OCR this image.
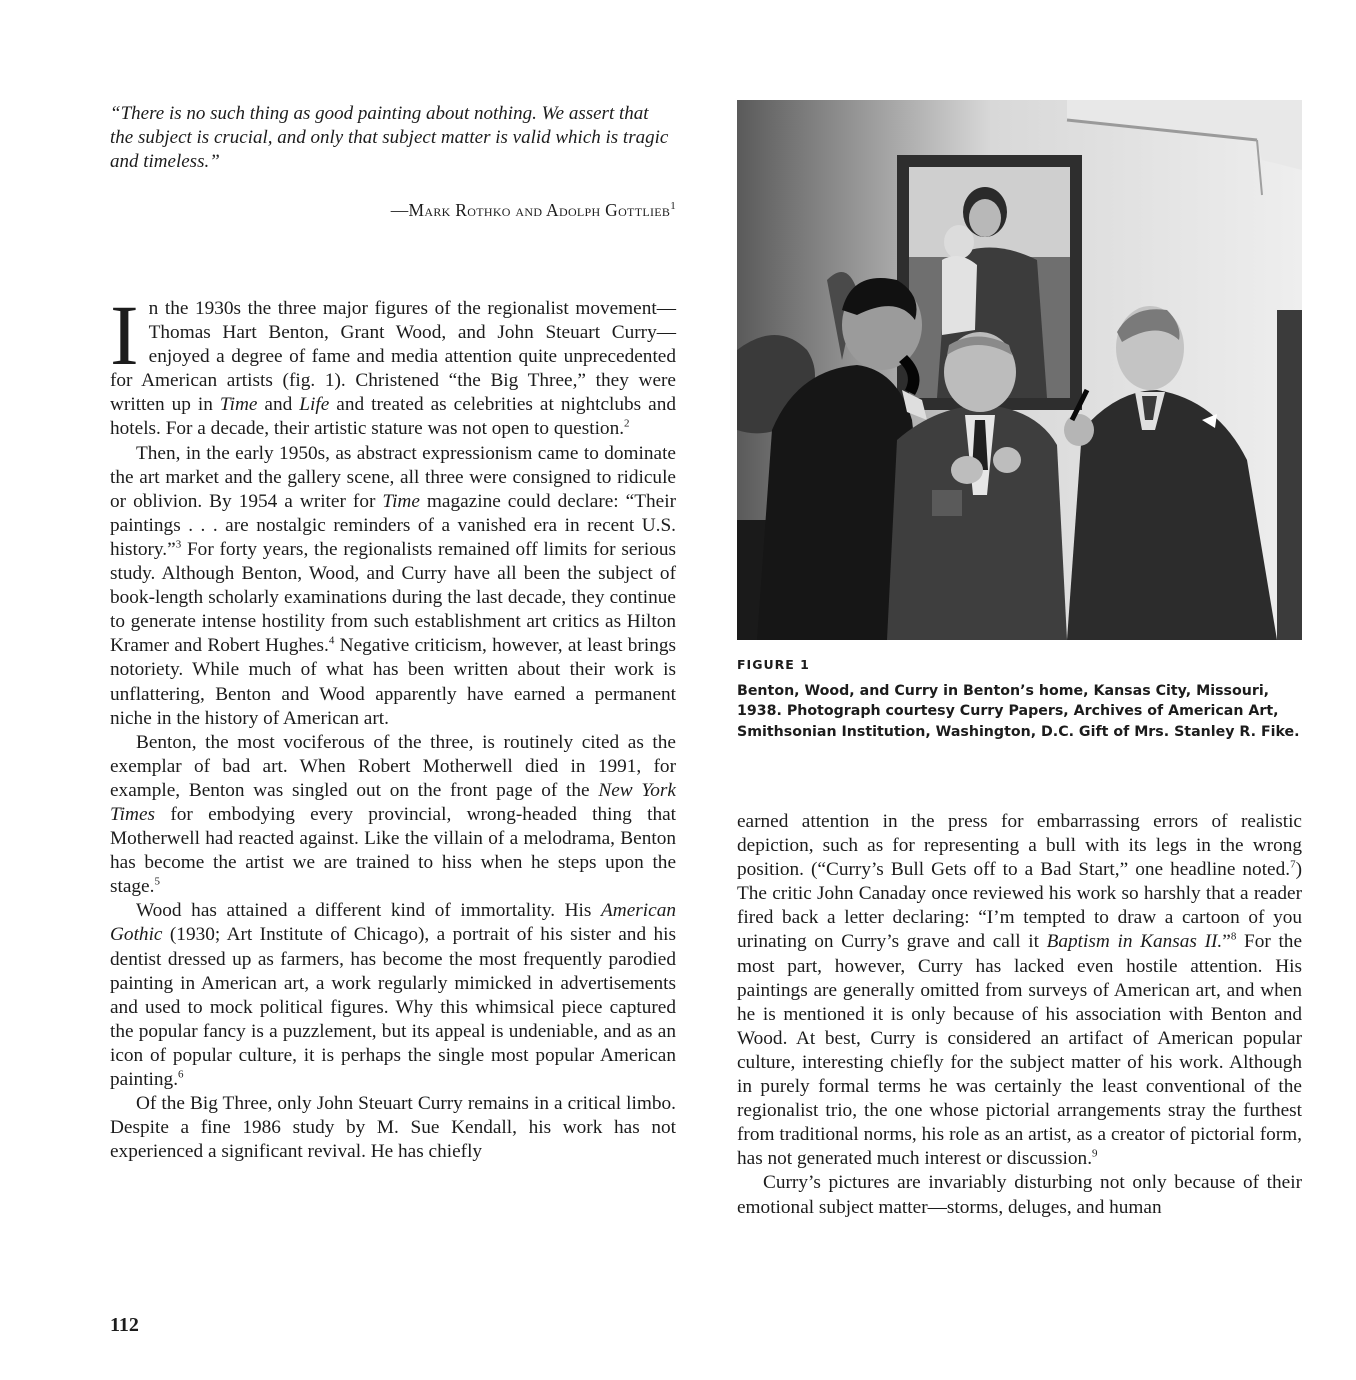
“There is no such thing as good painting about nothing. We assert that the subject is crucial, and only that subject matter is valid which is tragic and timeless.”
—Mark Rothko and Adolph Gottlieb$^1$

In the 1930s the three major figures of the regionalist movement—Thomas Hart Benton, Grant Wood, and John Steuart Curry—enjoyed a degree of fame and media attention quite unprecedented for American artists (fig. 1). Christened “the Big Three,” they were written up in Time and Life and treated as celebrities at nightclubs and hotels. For a decade, their artistic stature was not open to question.$^2$

Then, in the early 1950s, as abstract expressionism came to dominate the art market and the gallery scene, all three were consigned to ridicule or oblivion. By 1954 a writer for Time magazine could declare: “Their paintings . . . are nostalgic reminders of a vanished era in recent U.S. history.”$^3$ For forty years, the regionalists remained off limits for serious study. Although Benton, Wood, and Curry have all been the subject of book-length scholarly examinations during the last decade, they continue to generate intense hostility from such establishment art critics as Hilton Kramer and Robert Hughes.$^4$ Negative criticism, however, at least brings notoriety. While much of what has been written about their work is unflattering, Benton and Wood apparently have earned a permanent niche in the history of American art.

Benton, the most vociferous of the three, is routinely cited as the exemplar of bad art. When Robert Motherwell died in 1991, for example, Benton was singled out on the front page of the New York Times for embodying every provincial, wrong-headed thing that Motherwell had reacted against. Like the villain of a melodrama, Benton has become the artist we are trained to hiss when he steps upon the stage.$^5$

Wood has attained a different kind of immortality. His American Gothic (1930; Art Institute of Chicago), a portrait of his sister and his dentist dressed up as farmers, has become the most frequently parodied painting in American art, a work regularly mimicked in advertisements and used to mock political figures. Why this whimsical piece captured the popular fancy is a puzzlement, but its appeal is undeniable, and as an icon of popular culture, it is perhaps the single most popular American painting.$^6$

Of the Big Three, only John Steuart Curry remains in a critical limbo. Despite a fine 1986 study by M. Sue Kendall, his work has not experienced a significant revival. He has chiefly

FIGURE 1
Benton, Wood, and Curry in Benton’s home, Kansas City, Missouri, 1938. Photograph courtesy Curry Papers, Archives of American Art, Smithsonian Institution, Washington, D.C. Gift of Mrs. Stanley R. Fike.

earned attention in the press for embarrassing errors of realistic depiction, such as for representing a bull with its legs in the wrong position. (“Curry’s Bull Gets off to a Bad Start,” one headline noted.$^7$) The critic John Canaday once reviewed his work so harshly that a reader fired back a letter declaring: “I’m tempted to draw a cartoon of you urinating on Curry’s grave and call it Baptism in Kansas II.”$^8$ For the most part, however, Curry has lacked even hostile attention. His paintings are generally omitted from surveys of American art, and when he is mentioned it is only because of his association with Benton and Wood. At best, Curry is considered an artifact of American popular culture, interesting chiefly for the subject matter of his work. Although in purely formal terms he was certainly the least conventional of the regionalist trio, the one whose pictorial arrangements stray the furthest from traditional norms, his role as an artist, as a creator of pictorial form, has not generated much interest or discussion.$^9$

Curry’s pictures are invariably disturbing not only because of their emotional subject matter—storms, deluges, and human

112
